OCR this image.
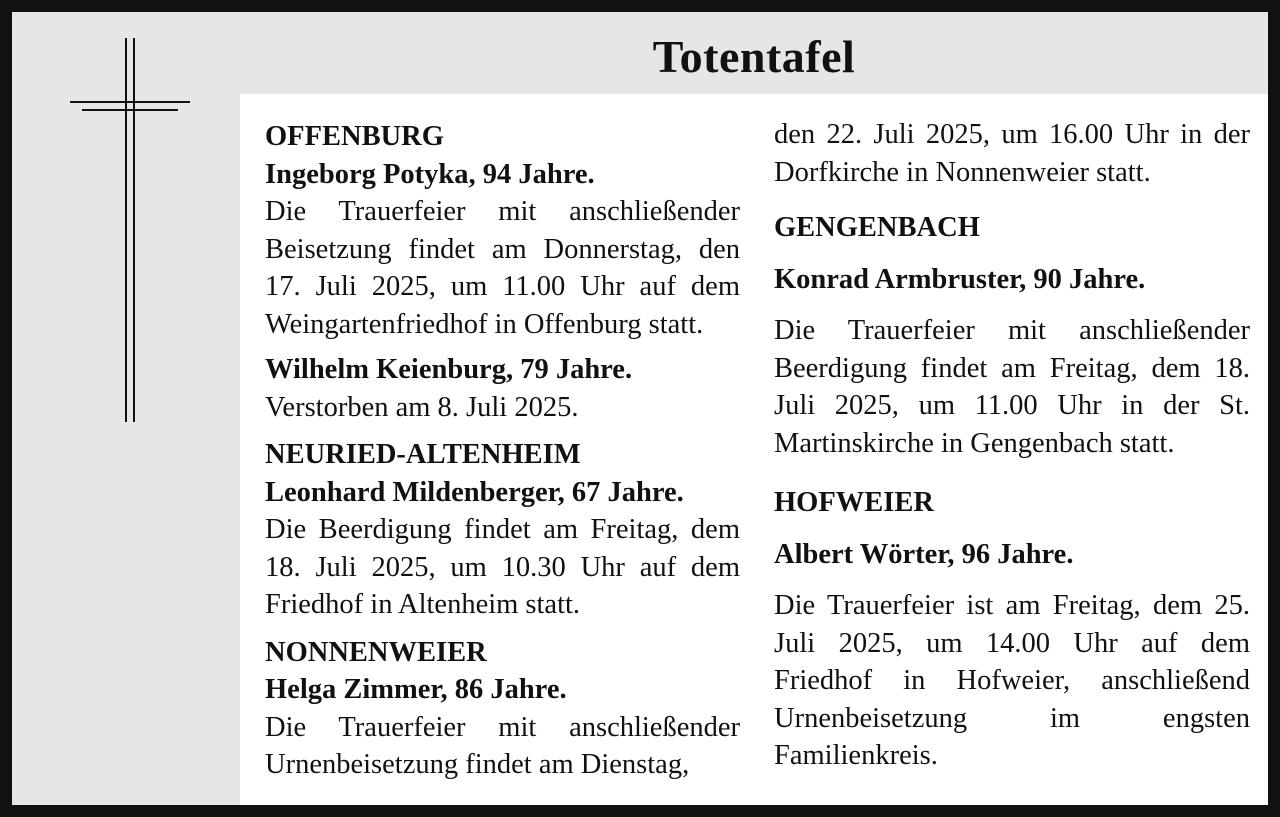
Totentafel
OFFENBURG
Ingeborg Potyka, 94 Jahre.
Die Trauerfeier mit anschließender Beisetzung findet am Donnerstag, den 17. Juli 2025, um 11.00 Uhr auf dem Weingartenfriedhof in Offenburg statt.
Wilhelm Keienburg, 79 Jahre.
Verstorben am 8. Juli 2025.
NEURIED-ALTENHEIM
Leonhard Mildenberger, 67 Jahre.
Die Beerdigung findet am Freitag, dem 18. Juli 2025, um 10.30 Uhr auf dem Friedhof in Altenheim statt.
NONNENWEIER
Helga Zimmer, 86 Jahre.
Die Trauerfeier mit anschließender Urnenbeisetzung findet am Dienstag,
den 22. Juli 2025, um 16.00 Uhr in der Dorfkirche in Nonnenweier statt.
GENGENBACH
Konrad Armbruster, 90 Jahre.
Die Trauerfeier mit anschließender Beerdigung findet am Freitag, dem 18. Juli 2025, um 11.00 Uhr in der St. Martinskirche in Gengenbach statt.
HOFWEIER
Albert Wörter, 96 Jahre.
Die Trauerfeier ist am Freitag, dem 25. Juli 2025, um 14.00 Uhr auf dem Friedhof in Hofweier, anschließend Urnenbeisetzung im engsten Familienkreis.
